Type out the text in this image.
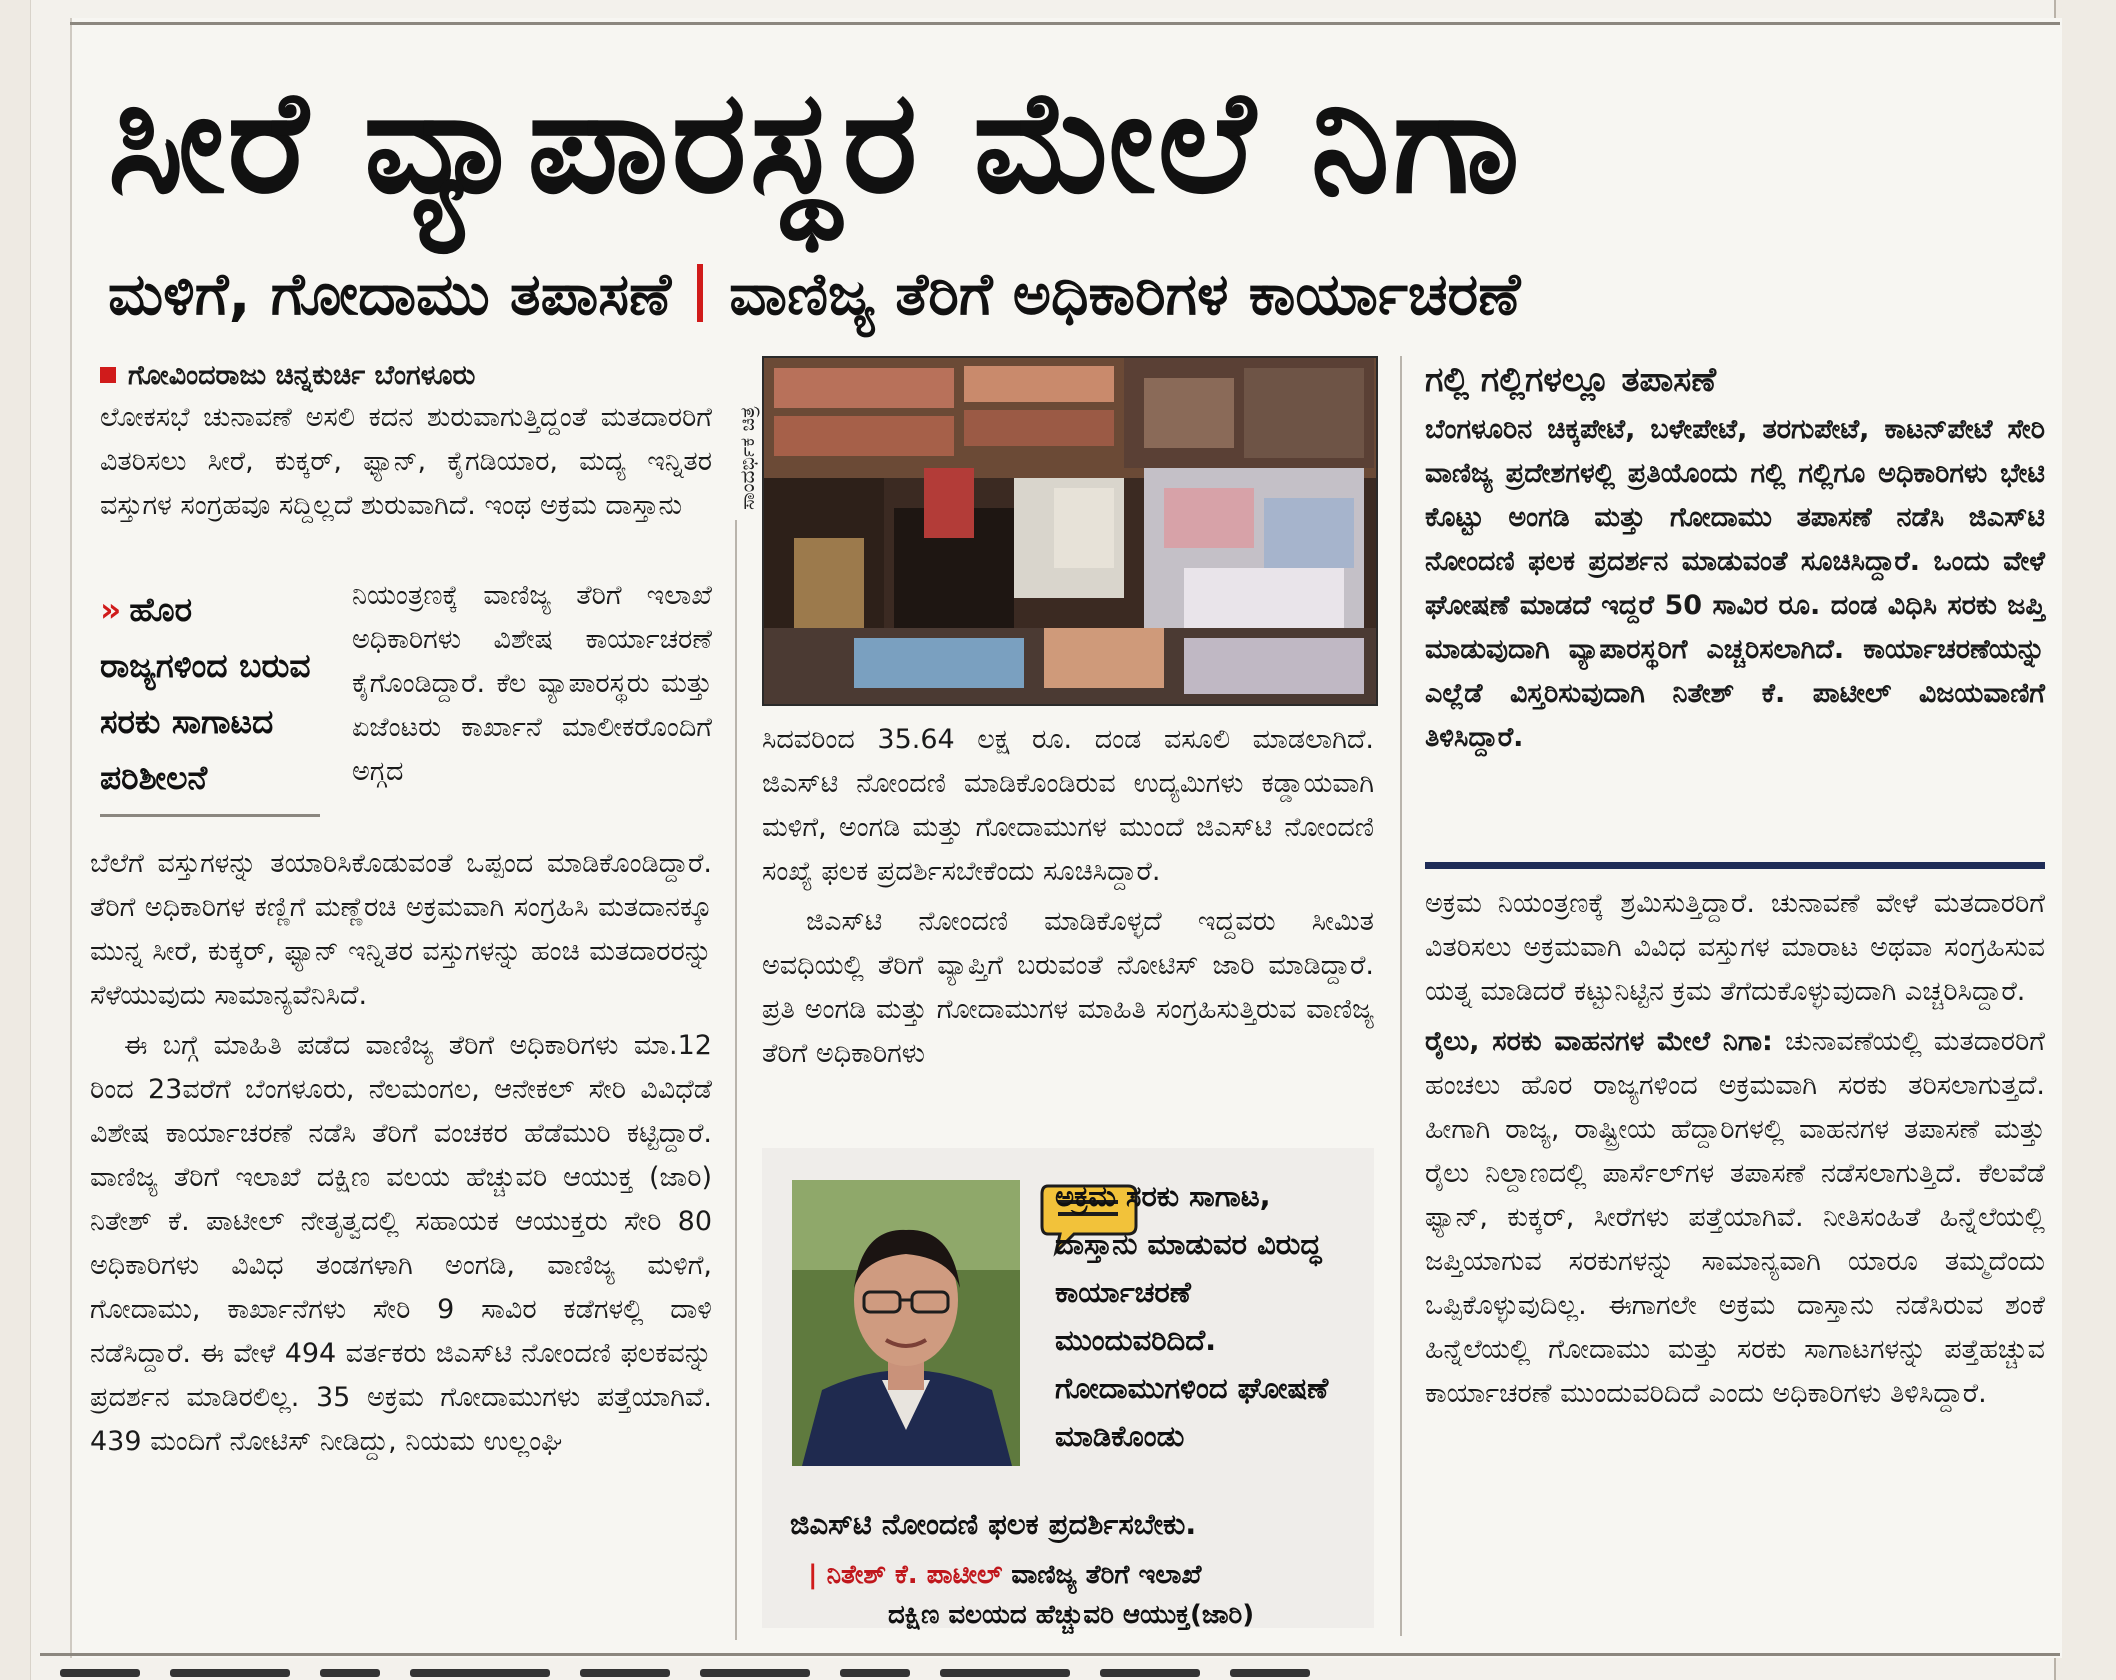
ಸೀರೆ ವ್ಯಾಪಾರಸ್ಥರ ಮೇಲೆ ನಿಗಾ
ಮಳಿಗೆ, ಗೋದಾಮು ತಪಾಸಣೆ ವಾಣಿಜ್ಯ ತೆರಿಗೆ ಅಧಿಕಾರಿಗಳ ಕಾರ್ಯಾಚರಣೆ
ಗೋವಿಂದರಾಜು ಚಿನ್ನಕುರ್ಚಿ ಬೆಂಗಳೂರು

ಲೋಕಸಭೆ ಚುನಾವಣೆ ಅಸಲಿ ಕದನ ಶುರುವಾಗುತ್ತಿದ್ದಂತೆ ಮತದಾರರಿಗೆ ವಿತರಿಸಲು ಸೀರೆ, ಕುಕ್ಕರ್, ಫ್ಯಾನ್, ಕೈಗಡಿಯಾರ, ಮದ್ಯ ಇನ್ನಿತರ ವಸ್ತುಗಳ ಸಂಗ್ರಹವೂ ಸದ್ದಿಲ್ಲದೆ ಶುರುವಾಗಿದೆ. ಇಂಥ ಅಕ್ರಮ ದಾಸ್ತಾನು

» ಹೊರ ರಾಜ್ಯಗಳಿಂದ ಬರುವ ಸರಕು ಸಾಗಾಟದ ಪರಿಶೀಲನೆ

ನಿಯಂತ್ರಣಕ್ಕೆ ವಾಣಿಜ್ಯ ತೆರಿಗೆ ಇಲಾಖೆ ಅಧಿಕಾರಿಗಳು ವಿಶೇಷ ಕಾರ್ಯಾಚರಣೆ ಕೈಗೊಂಡಿದ್ದಾರೆ. ಕೆಲ ವ್ಯಾಪಾರಸ್ಥರು ಮತ್ತು ಏಜೆಂಟರು ಕಾರ್ಖಾನೆ ಮಾಲೀಕರೊಂದಿಗೆ ಅಗ್ಗದ

ಬೆಲೆಗೆ ವಸ್ತುಗಳನ್ನು ತಯಾರಿಸಿಕೊಡುವಂತೆ ಒಪ್ಪಂದ ಮಾಡಿಕೊಂಡಿದ್ದಾರೆ. ತೆರಿಗೆ ಅಧಿಕಾರಿಗಳ ಕಣ್ಣಿಗೆ ಮಣ್ಣೆರಚಿ ಅಕ್ರಮವಾಗಿ ಸಂಗ್ರಹಿಸಿ ಮತದಾನಕ್ಕೂ ಮುನ್ನ ಸೀರೆ, ಕುಕ್ಕರ್, ಫ್ಯಾನ್ ಇನ್ನಿತರ ವಸ್ತುಗಳನ್ನು ಹಂಚಿ ಮತದಾರರನ್ನು ಸೆಳೆಯುವುದು ಸಾಮಾನ್ಯವೆನಿಸಿದೆ.

ಈ ಬಗ್ಗೆ ಮಾಹಿತಿ ಪಡೆದ ವಾಣಿಜ್ಯ ತೆರಿಗೆ ಅಧಿಕಾರಿಗಳು ಮಾ.12 ರಿಂದ 23ವರೆಗೆ ಬೆಂಗಳೂರು, ನೆಲಮಂಗಲ, ಆನೇಕಲ್ ಸೇರಿ ವಿವಿಧೆಡೆ ವಿಶೇಷ ಕಾರ್ಯಾಚರಣೆ ನಡೆಸಿ ತೆರಿಗೆ ವಂಚಕರ ಹೆಡೆಮುರಿ ಕಟ್ಟಿದ್ದಾರೆ. ವಾಣಿಜ್ಯ ತೆರಿಗೆ ಇಲಾಖೆ ದಕ್ಷಿಣ ವಲಯ ಹೆಚ್ಚುವರಿ ಆಯುಕ್ತ (ಜಾರಿ) ನಿತೇಶ್ ಕೆ. ಪಾಟೀಲ್ ನೇತೃತ್ವದಲ್ಲಿ ಸಹಾಯಕ ಆಯುಕ್ತರು ಸೇರಿ 80 ಅಧಿಕಾರಿಗಳು ವಿವಿಧ ತಂಡಗಳಾಗಿ ಅಂಗಡಿ, ವಾಣಿಜ್ಯ ಮಳಿಗೆ, ಗೋದಾಮು, ಕಾರ್ಖಾನೆಗಳು ಸೇರಿ 9 ಸಾವಿರ ಕಡೆಗಳಲ್ಲಿ ದಾಳಿ ನಡೆಸಿದ್ದಾರೆ. ಈ ವೇಳೆ 494 ವರ್ತಕರು ಜಿಎಸ್‌ಟಿ ನೋಂದಣಿ ಫಲಕವನ್ನು ಪ್ರದರ್ಶನ ಮಾಡಿರಲಿಲ್ಲ. 35 ಅಕ್ರಮ ಗೋದಾಮುಗಳು ಪತ್ತೆಯಾಗಿವೆ. 439 ಮಂದಿಗೆ ನೋಟಿಸ್ ನೀಡಿದ್ದು, ನಿಯಮ ಉಲ್ಲಂಘಿ

ಸಾಂದರ್ಭಿಕ ಚಿತ್ರ

ಸಿದವರಿಂದ 35.64 ಲಕ್ಷ ರೂ. ದಂಡ ವಸೂಲಿ ಮಾಡಲಾಗಿದೆ. ಜಿಎಸ್‌ಟಿ ನೋಂದಣಿ ಮಾಡಿಕೊಂಡಿರುವ ಉದ್ಯಮಿಗಳು ಕಡ್ಡಾಯವಾಗಿ ಮಳಿಗೆ, ಅಂಗಡಿ ಮತ್ತು ಗೋದಾಮುಗಳ ಮುಂದೆ ಜಿಎಸ್‌ಟಿ ನೋಂದಣಿ ಸಂಖ್ಯೆ ಫಲಕ ಪ್ರದರ್ಶಿಸಬೇಕೆಂದು ಸೂಚಿಸಿದ್ದಾರೆ.

ಜಿಎಸ್‌ಟಿ ನೋಂದಣಿ ಮಾಡಿಕೊಳ್ಳದೆ ಇದ್ದವರು ಸೀಮಿತ ಅವಧಿಯಲ್ಲಿ ತೆರಿಗೆ ವ್ಯಾಪ್ತಿಗೆ ಬರುವಂತೆ ನೋಟಿಸ್ ಜಾರಿ ಮಾಡಿದ್ದಾರೆ. ಪ್ರತಿ ಅಂಗಡಿ ಮತ್ತು ಗೋದಾಮುಗಳ ಮಾಹಿತಿ ಸಂಗ್ರಹಿಸುತ್ತಿರುವ ವಾಣಿಜ್ಯ ತೆರಿಗೆ ಅಧಿಕಾರಿಗಳು

ಅಕ್ರಮ ಸರಕು ಸಾಗಾಟ, ದಾಸ್ತಾನು ಮಾಡುವರ ವಿರುದ್ಧ ಕಾರ್ಯಾಚರಣೆ ಮುಂದುವರಿದಿದೆ. ಗೋದಾಮುಗಳಿಂದ ಘೋಷಣೆ ಮಾಡಿಕೊಂಡು
ಜಿಎಸ್‌ಟಿ ನೋಂದಣಿ ಫಲಕ ಪ್ರದರ್ಶಿಸಬೇಕು.
| ನಿತೇಶ್ ಕೆ. ಪಾಟೀಲ್ ವಾಣಿಜ್ಯ ತೆರಿಗೆ ಇಲಾಖೆ
ದಕ್ಷಿಣ ವಲಯದ ಹೆಚ್ಚುವರಿ ಆಯುಕ್ತ(ಜಾರಿ)
ಗಲ್ಲಿ ಗಲ್ಲಿಗಳಲ್ಲೂ ತಪಾಸಣೆ

ಬೆಂಗಳೂರಿನ ಚಿಕ್ಕಪೇಟೆ, ಬಳೇಪೇಟೆ, ತರಗುಪೇಟೆ, ಕಾಟನ್‌ಪೇಟೆ ಸೇರಿ ವಾಣಿಜ್ಯ ಪ್ರದೇಶಗಳಲ್ಲಿ ಪ್ರತಿಯೊಂದು ಗಲ್ಲಿ ಗಲ್ಲಿಗೂ ಅಧಿಕಾರಿಗಳು ಭೇಟಿ ಕೊಟ್ಟು ಅಂಗಡಿ ಮತ್ತು ಗೋದಾಮು ತಪಾಸಣೆ ನಡೆಸಿ ಜಿಎಸ್‌ಟಿ ನೋಂದಣಿ ಫಲಕ ಪ್ರದರ್ಶನ ಮಾಡುವಂತೆ ಸೂಚಿಸಿದ್ದಾರೆ. ಒಂದು ವೇಳೆ ಘೋಷಣೆ ಮಾಡದೆ ಇದ್ದರೆ 50 ಸಾವಿರ ರೂ. ದಂಡ ವಿಧಿಸಿ ಸರಕು ಜಪ್ತಿ ಮಾಡುವುದಾಗಿ ವ್ಯಾಪಾರಸ್ಥರಿಗೆ ಎಚ್ಚರಿಸಲಾಗಿದೆ. ಕಾರ್ಯಾಚರಣೆಯನ್ನು ಎಲ್ಲೆಡೆ ವಿಸ್ತರಿಸುವುದಾಗಿ ನಿತೇಶ್ ಕೆ. ಪಾಟೀಲ್ ವಿಜಯವಾಣಿಗೆ ತಿಳಿಸಿದ್ದಾರೆ.

ಅಕ್ರಮ ನಿಯಂತ್ರಣಕ್ಕೆ ಶ್ರಮಿಸುತ್ತಿದ್ದಾರೆ. ಚುನಾವಣೆ ವೇಳೆ ಮತದಾರರಿಗೆ ವಿತರಿಸಲು ಅಕ್ರಮವಾಗಿ ವಿವಿಧ ವಸ್ತುಗಳ ಮಾರಾಟ ಅಥವಾ ಸಂಗ್ರಹಿಸುವ ಯತ್ನ ಮಾಡಿದರೆ ಕಟ್ಟುನಿಟ್ಟಿನ ಕ್ರಮ ತೆಗೆದುಕೊಳ್ಳುವುದಾಗಿ ಎಚ್ಚರಿಸಿದ್ದಾರೆ.

ರೈಲು, ಸರಕು ವಾಹನಗಳ ಮೇಲೆ ನಿಗಾ: ಚುನಾವಣೆಯಲ್ಲಿ ಮತದಾರರಿಗೆ ಹಂಚಲು ಹೊರ ರಾಜ್ಯಗಳಿಂದ ಅಕ್ರಮವಾಗಿ ಸರಕು ತರಿಸಲಾಗುತ್ತದೆ. ಹೀಗಾಗಿ ರಾಜ್ಯ, ರಾಷ್ಟ್ರೀಯ ಹೆದ್ದಾರಿಗಳಲ್ಲಿ ವಾಹನಗಳ ತಪಾಸಣೆ ಮತ್ತು ರೈಲು ನಿಲ್ದಾಣದಲ್ಲಿ ಪಾರ್ಸೆಲ್‌ಗಳ ತಪಾಸಣೆ ನಡೆಸಲಾಗುತ್ತಿದೆ. ಕೆಲವೆಡೆ ಫ್ಯಾನ್, ಕುಕ್ಕರ್, ಸೀರೆಗಳು ಪತ್ತೆಯಾಗಿವೆ. ನೀತಿಸಂಹಿತೆ ಹಿನ್ನೆಲೆಯಲ್ಲಿ ಜಪ್ತಿಯಾಗುವ ಸರಕುಗಳನ್ನು ಸಾಮಾನ್ಯವಾಗಿ ಯಾರೂ ತಮ್ಮದೆಂದು ಒಪ್ಪಿಕೊಳ್ಳುವುದಿಲ್ಲ. ಈಗಾಗಲೇ ಅಕ್ರಮ ದಾಸ್ತಾನು ನಡೆಸಿರುವ ಶಂಕೆ ಹಿನ್ನೆಲೆಯಲ್ಲಿ ಗೋದಾಮು ಮತ್ತು ಸರಕು ಸಾಗಾಟಗಳನ್ನು ಪತ್ತೆಹಚ್ಚುವ ಕಾರ್ಯಾಚರಣೆ ಮುಂದುವರಿದಿದೆ ಎಂದು ಅಧಿಕಾರಿಗಳು ತಿಳಿಸಿದ್ದಾರೆ.
